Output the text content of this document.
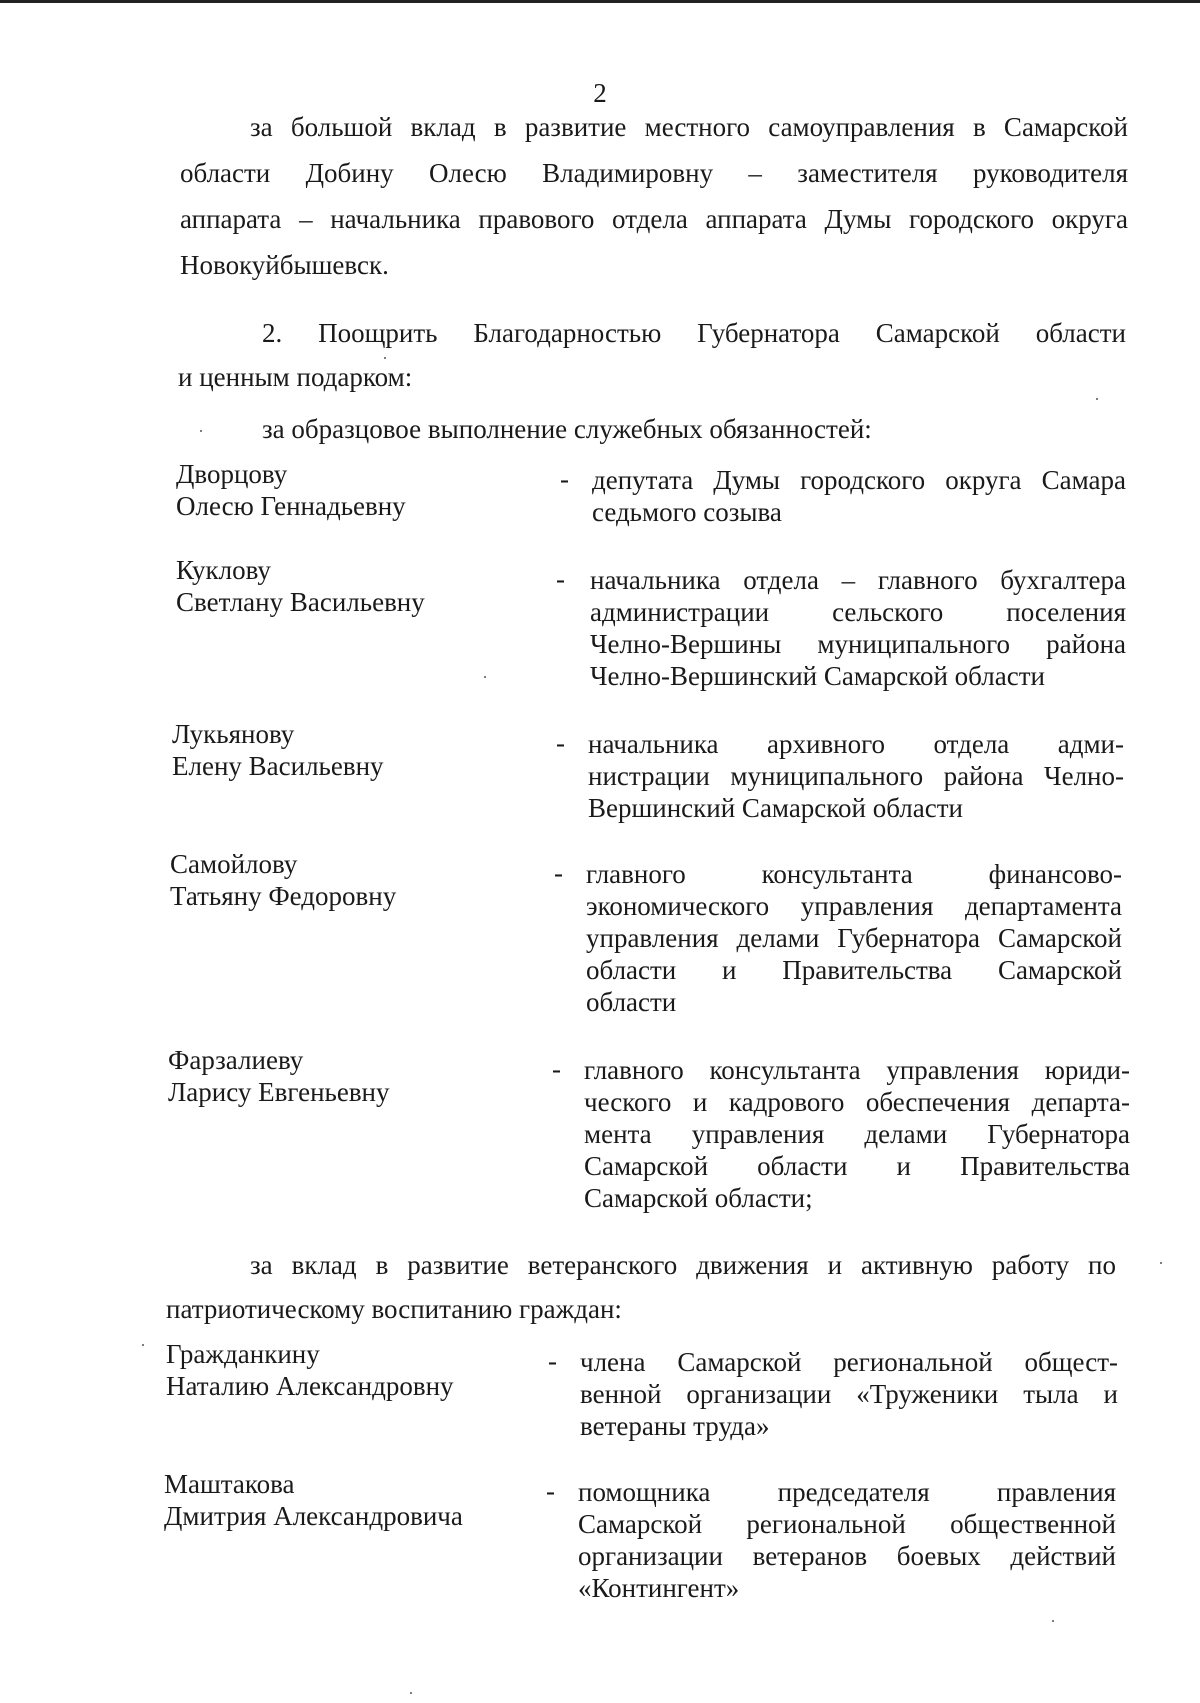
2
за большой вклад в развитие местного самоуправления в Самарской
области Добину Олесю Владимировну – заместителя руководителя
аппарата – начальника правового отдела аппарата Думы городского округа
Новокуйбышевск.
2. Поощрить Благодарностью Губернатора Самарской области
и ценным подарком:
за образцовое выполнение служебных обязанностей:
Дворцову
Олесю Геннадьевну
- депутата Думы городского округа Самара
седьмого созыва
Куклову
Светлану Васильевну
- начальника отдела – главного бухгалтера
администрации сельского поселения
Челно-Вершины муниципального района
Челно-Вершинский Самарской области
Лукьянову
Елену Васильевну
- начальника архивного отдела адми-
нистрации муниципального района Челно-
Вершинский Самарской области
Самойлову
Татьяну Федоровну
- главного консультанта финансово-
экономического управления департамента
управления делами Губернатора Самарской
области и Правительства Самарской
области
Фарзалиеву
Ларису Евгеньевну
- главного консультанта управления юриди-
ческого и кадрового обеспечения департа-
мента управления делами Губернатора
Самарской области и Правительства
Самарской области;
за вклад в развитие ветеранского движения и активную работу по
патриотическому воспитанию граждан:
Гражданкину
Наталию Александровну
- члена Самарской региональной общест-
венной организации «Труженики тыла и
ветераны труда»
Маштакова
Дмитрия Александровича
- помощника председателя правления
Самарской региональной общественной
организации ветеранов боевых действий
«Контингент»
